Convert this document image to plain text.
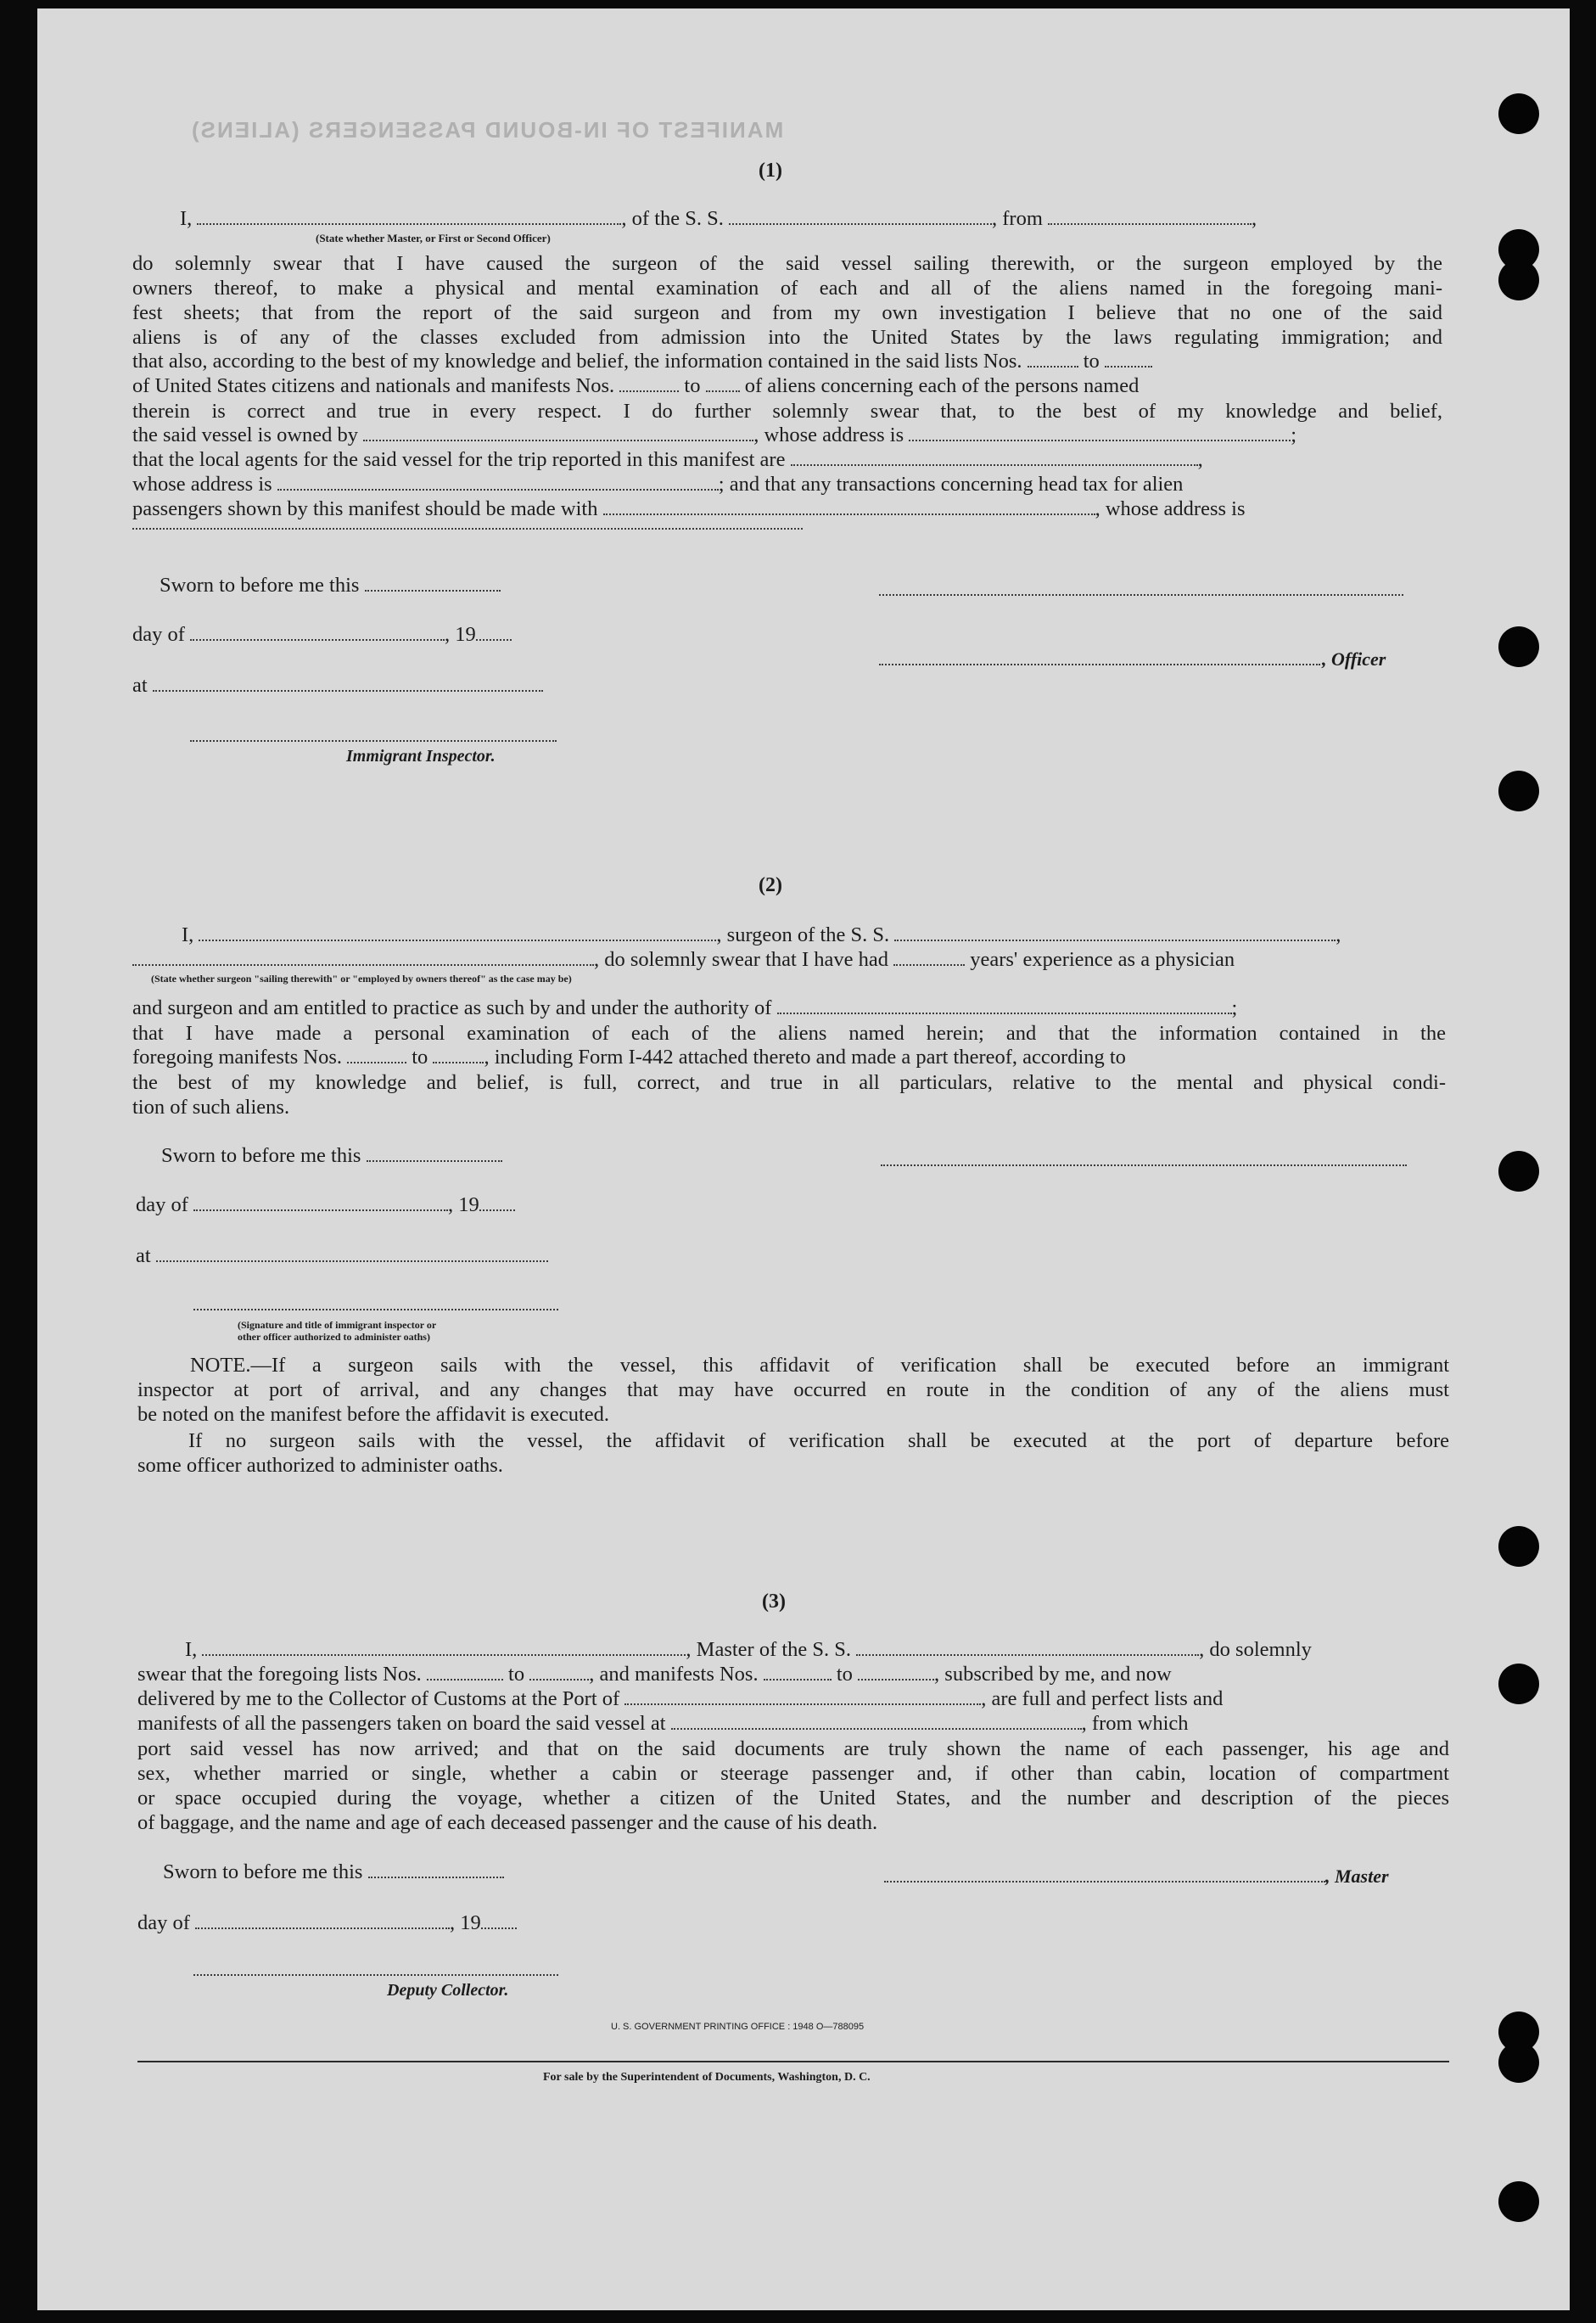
MANIFEST OF IN-BOUND PASSENGERS (ALIENS)
(1)
I,	, of the S. S.	, from	,
(State whether Master, or First or Second Officer)
do solemnly swear that I have caused the surgeon of the said vessel sailing therewith, or the surgeon employed by the
owners thereof, to make a physical and mental examination of each and all of the aliens named in the foregoing mani-
fest sheets; that from the report of the said surgeon and from my own investigation I believe that no one of the said
aliens is of any of the classes excluded from admission into the United States by the laws regulating immigration; and
that also, according to the best of my knowledge and belief, the information contained in the said lists Nos.	to
of United States citizens and nationals and manifests Nos.	to of aliens concerning each of the persons named
therein is correct and true in every respect. I do further solemnly swear that, to the best of my knowledge and belief,
the said vessel is owned by	, whose address is	;
that the local agents for the said vessel for the trip reported in this manifest are	,
whose address is	; and that any transactions concerning head tax for alien
passengers shown by this manifest should be made with	, whose address is
Sworn to before me this
day of	, 19
, Officer
at
Immigrant Inspector.
(2)
I,	, surgeon of the S. S.	,
, do solemnly swear that I have had	years' experience as a physician
(State whether surgeon "sailing therewith" or "employed by owners thereof" as the case may be)
and surgeon and am entitled to practice as such by and under the authority of	;
that I have made a personal examination of each of the aliens named herein; and that the information contained in the
foregoing manifests Nos.	to	, including Form I-442 attached thereto and made a part thereof, according to
the best of my knowledge and belief, is full, correct, and true in all particulars, relative to the mental and physical condi-
tion of such aliens.
Sworn to before me this
day of	, 19
at
(Signature and title of immigrant inspector or
other officer authorized to administer oaths)
NOTE.—If a surgeon sails with the vessel, this affidavit of verification shall be executed before an immigrant
inspector at port of arrival, and any changes that may have occurred en route in the condition of any of the aliens must
be noted on the manifest before the affidavit is executed.
If no surgeon sails with the vessel, the affidavit of verification shall be executed at the port of departure before
some officer authorized to administer oaths.
(3)
I,	, Master of the S. S.	, do solemnly
swear that the foregoing lists Nos.	to	, and manifests Nos.	to	, subscribed by me, and now
delivered by me to the Collector of Customs at the Port of	, are full and perfect lists and
manifests of all the passengers taken on board the said vessel at	, from which
port said vessel has now arrived; and that on the said documents are truly shown the name of each passenger, his age and
sex, whether married or single, whether a cabin or steerage passenger and, if other than cabin, location of compartment
or space occupied during the voyage, whether a citizen of the United States, and the number and description of the pieces
of baggage, and the name and age of each deceased passenger and the cause of his death.
Sworn to before me this	, Master
day of	, 19
Deputy Collector.
U. S. GOVERNMENT PRINTING OFFICE : 1948 O—788095
For sale by the Superintendent of Documents, Washington, D. C.
